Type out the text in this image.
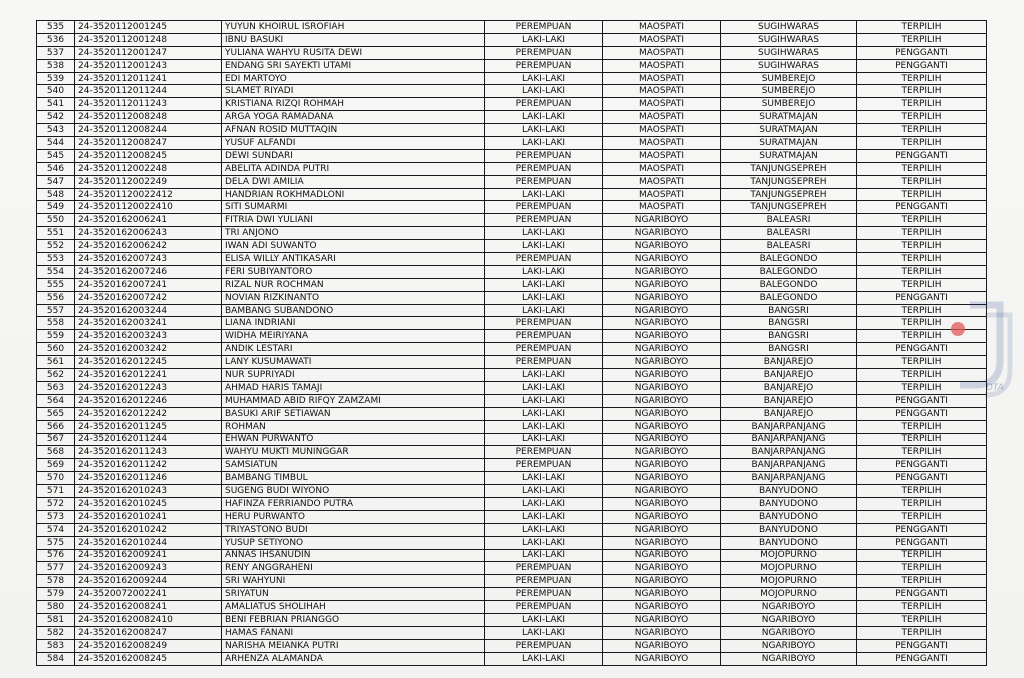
535	24-3520112001245	YUYUN KHOIRUL ISROFIAH	PEREMPUAN	MAOSPATI	SUGIHWARAS	TERPILIH
536	24-3520112001248	IBNU BASUKI	LAKI-LAKI	MAOSPATI	SUGIHWARAS	TERPILIH
537	24-3520112001247	YULIANA WAHYU RUSITA DEWI	PEREMPUAN	MAOSPATI	SUGIHWARAS	PENGGANTI
538	24-3520112001243	ENDANG SRI SAYEKTI UTAMI	PEREMPUAN	MAOSPATI	SUGIHWARAS	PENGGANTI
539	24-3520112011241	EDI MARTOYO	LAKI-LAKI	MAOSPATI	SUMBEREJO	TERPILIH
540	24-3520112011244	SLAMET RIYADI	LAKI-LAKI	MAOSPATI	SUMBEREJO	TERPILIH
541	24-3520112011243	KRISTIANA RIZQI ROHMAH	PEREMPUAN	MAOSPATI	SUMBEREJO	TERPILIH
542	24-3520112008248	ARGA YOGA RAMADANA	LAKI-LAKI	MAOSPATI	SURATMAJAN	TERPILIH
543	24-3520112008244	AFNAN ROSID MUTTAQIN	LAKI-LAKI	MAOSPATI	SURATMAJAN	TERPILIH
544	24-3520112008247	YUSUF ALFANDI	LAKI-LAKI	MAOSPATI	SURATMAJAN	TERPILIH
545	24-3520112008245	DEWI SUNDARI	PEREMPUAN	MAOSPATI	SURATMAJAN	PENGGANTI
546	24-3520112002248	ABELITA ADINDA PUTRI	PEREMPUAN	MAOSPATI	TANJUNGSEPREH	TERPILIH
547	24-3520112002249	DELA DWI AMILIA	PEREMPUAN	MAOSPATI	TANJUNGSEPREH	TERPILIH
548	24-35201120022412	HANDRIAN ROKHMADLONI	LAKI-LAKI	MAOSPATI	TANJUNGSEPREH	TERPILIH
549	24-35201120022410	SITI SUMARMI	PEREMPUAN	MAOSPATI	TANJUNGSEPREH	PENGGANTI
550	24-3520162006241	FITRIA DWI YULIANI	PEREMPUAN	NGARIBOYO	BALEASRI	TERPILIH
551	24-3520162006243	TRI ANJONO	LAKI-LAKI	NGARIBOYO	BALEASRI	TERPILIH
552	24-3520162006242	IWAN ADI SUWANTO	LAKI-LAKI	NGARIBOYO	BALEASRI	TERPILIH
553	24-3520162007243	ELISA WILLY ANTIKASARI	PEREMPUAN	NGARIBOYO	BALEGONDO	TERPILIH
554	24-3520162007246	FERI SUBIYANTORO	LAKI-LAKI	NGARIBOYO	BALEGONDO	TERPILIH
555	24-3520162007241	RIZAL NUR ROCHMAN	LAKI-LAKI	NGARIBOYO	BALEGONDO	TERPILIH
556	24-3520162007242	NOVIAN RIZKINANTO	LAKI-LAKI	NGARIBOYO	BALEGONDO	PENGGANTI
557	24-3520162003244	BAMBANG SUBANDONO	LAKI-LAKI	NGARIBOYO	BANGSRI	TERPILIH
558	24-3520162003241	LIANA INDRIANI	PEREMPUAN	NGARIBOYO	BANGSRI	TERPILIH
559	24-3520162003243	WIDHA MEIRIYANA	PEREMPUAN	NGARIBOYO	BANGSRI	TERPILIH
560	24-3520162003242	ANDIK LESTARI	PEREMPUAN	NGARIBOYO	BANGSRI	PENGGANTI
561	24-3520162012245	LANY KUSUMAWATI	PEREMPUAN	NGARIBOYO	BANJAREJO	TERPILIH
562	24-3520162012241	NUR SUPRIYADI	LAKI-LAKI	NGARIBOYO	BANJAREJO	TERPILIH
563	24-3520162012243	AHMAD HARIS TAMAJI	LAKI-LAKI	NGARIBOYO	BANJAREJO	TERPILIH
564	24-3520162012246	MUHAMMAD ABID RIFQY ZAMZAMI	LAKI-LAKI	NGARIBOYO	BANJAREJO	PENGGANTI
565	24-3520162012242	BASUKI ARIF SETIAWAN	LAKI-LAKI	NGARIBOYO	BANJAREJO	PENGGANTI
566	24-3520162011245	ROHMAN	LAKI-LAKI	NGARIBOYO	BANJARPANJANG	TERPILIH
567	24-3520162011244	EHWAN PURWANTO	LAKI-LAKI	NGARIBOYO	BANJARPANJANG	TERPILIH
568	24-3520162011243	WAHYU MUKTI MUNINGGAR	PEREMPUAN	NGARIBOYO	BANJARPANJANG	TERPILIH
569	24-3520162011242	SAMSIATUN	PEREMPUAN	NGARIBOYO	BANJARPANJANG	PENGGANTI
570	24-3520162011246	BAMBANG TIMBUL	LAKI-LAKI	NGARIBOYO	BANJARPANJANG	PENGGANTI
571	24-3520162010243	SUGENG BUDI WIYONO	LAKI-LAKI	NGARIBOYO	BANYUDONO	TERPILIH
572	24-3520162010245	HAFINZA FERRIANDO PUTRA	LAKI-LAKI	NGARIBOYO	BANYUDONO	TERPILIH
573	24-3520162010241	HERU PURWANTO	LAKI-LAKI	NGARIBOYO	BANYUDONO	TERPILIH
574	24-3520162010242	TRIYASTONO BUDI	LAKI-LAKI	NGARIBOYO	BANYUDONO	PENGGANTI
575	24-3520162010244	YUSUP SETIYONO	LAKI-LAKI	NGARIBOYO	BANYUDONO	PENGGANTI
576	24-3520162009241	ANNAS IHSANUDIN	LAKI-LAKI	NGARIBOYO	MOJOPURNO	TERPILIH
577	24-3520162009243	RENY ANGGRAHENI	PEREMPUAN	NGARIBOYO	MOJOPURNO	TERPILIH
578	24-3520162009244	SRI WAHYUNI	PEREMPUAN	NGARIBOYO	MOJOPURNO	TERPILIH
579	24-3520072002241	SRIYATUN	PEREMPUAN	NGARIBOYO	MOJOPURNO	PENGGANTI
580	24-3520162008241	AMALIATUS SHOLIHAH	PEREMPUAN	NGARIBOYO	NGARIBOYO	TERPILIH
581	24-35201620082410	BENI FEBRIAN PRIANGGO	LAKI-LAKI	NGARIBOYO	NGARIBOYO	TERPILIH
582	24-3520162008247	HAMAS FANANI	LAKI-LAKI	NGARIBOYO	NGARIBOYO	TERPILIH
583	24-3520162008249	NARISHA MEIANKA PUTRI	PEREMPUAN	NGARIBOYO	NGARIBOYO	PENGGANTI
584	24-3520162008245	ARHENZA ALAMANDA	LAKI-LAKI	NGARIBOYO	NGARIBOYO	PENGGANTI
DTA
